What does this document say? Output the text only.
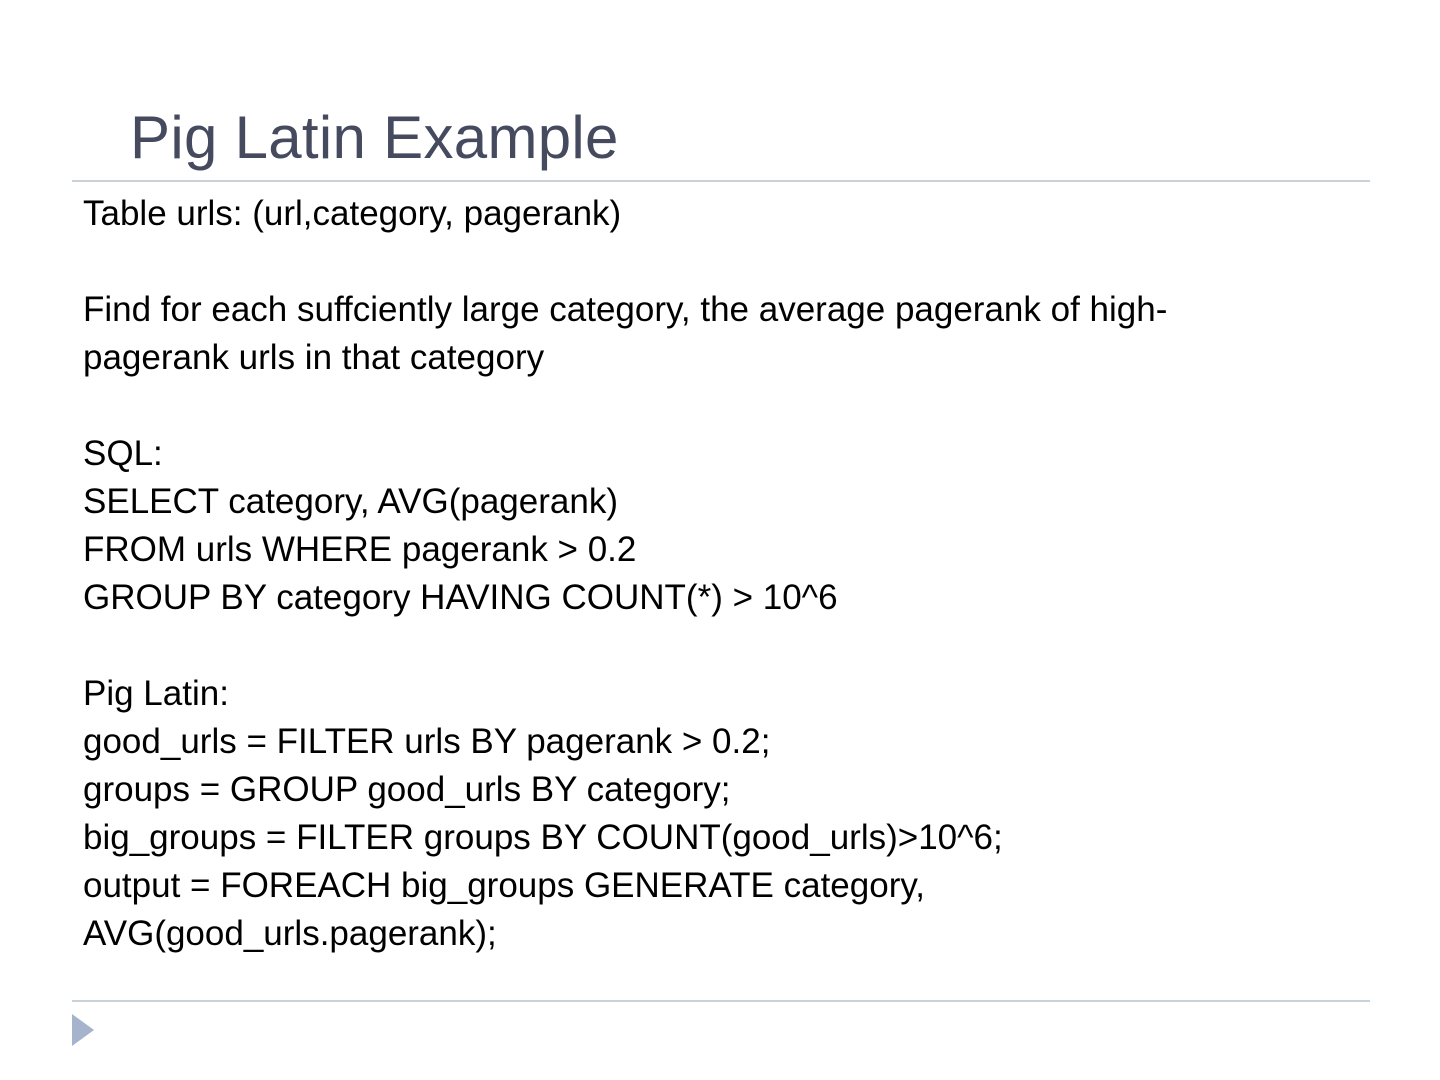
Pig Latin Example
Table urls: (url,category, pagerank)
Find for each suffciently large category, the average pagerank of high-
pagerank urls in that category
SQL:
SELECT category, AVG(pagerank)
FROM urls WHERE pagerank > 0.2
GROUP BY category HAVING COUNT(*) > 10^6
Pig Latin:
good_urls = FILTER urls BY pagerank > 0.2;
groups = GROUP good_urls BY category;
big_groups = FILTER groups BY COUNT(good_urls)>10^6;
output = FOREACH big_groups GENERATE category,
AVG(good_urls.pagerank);
